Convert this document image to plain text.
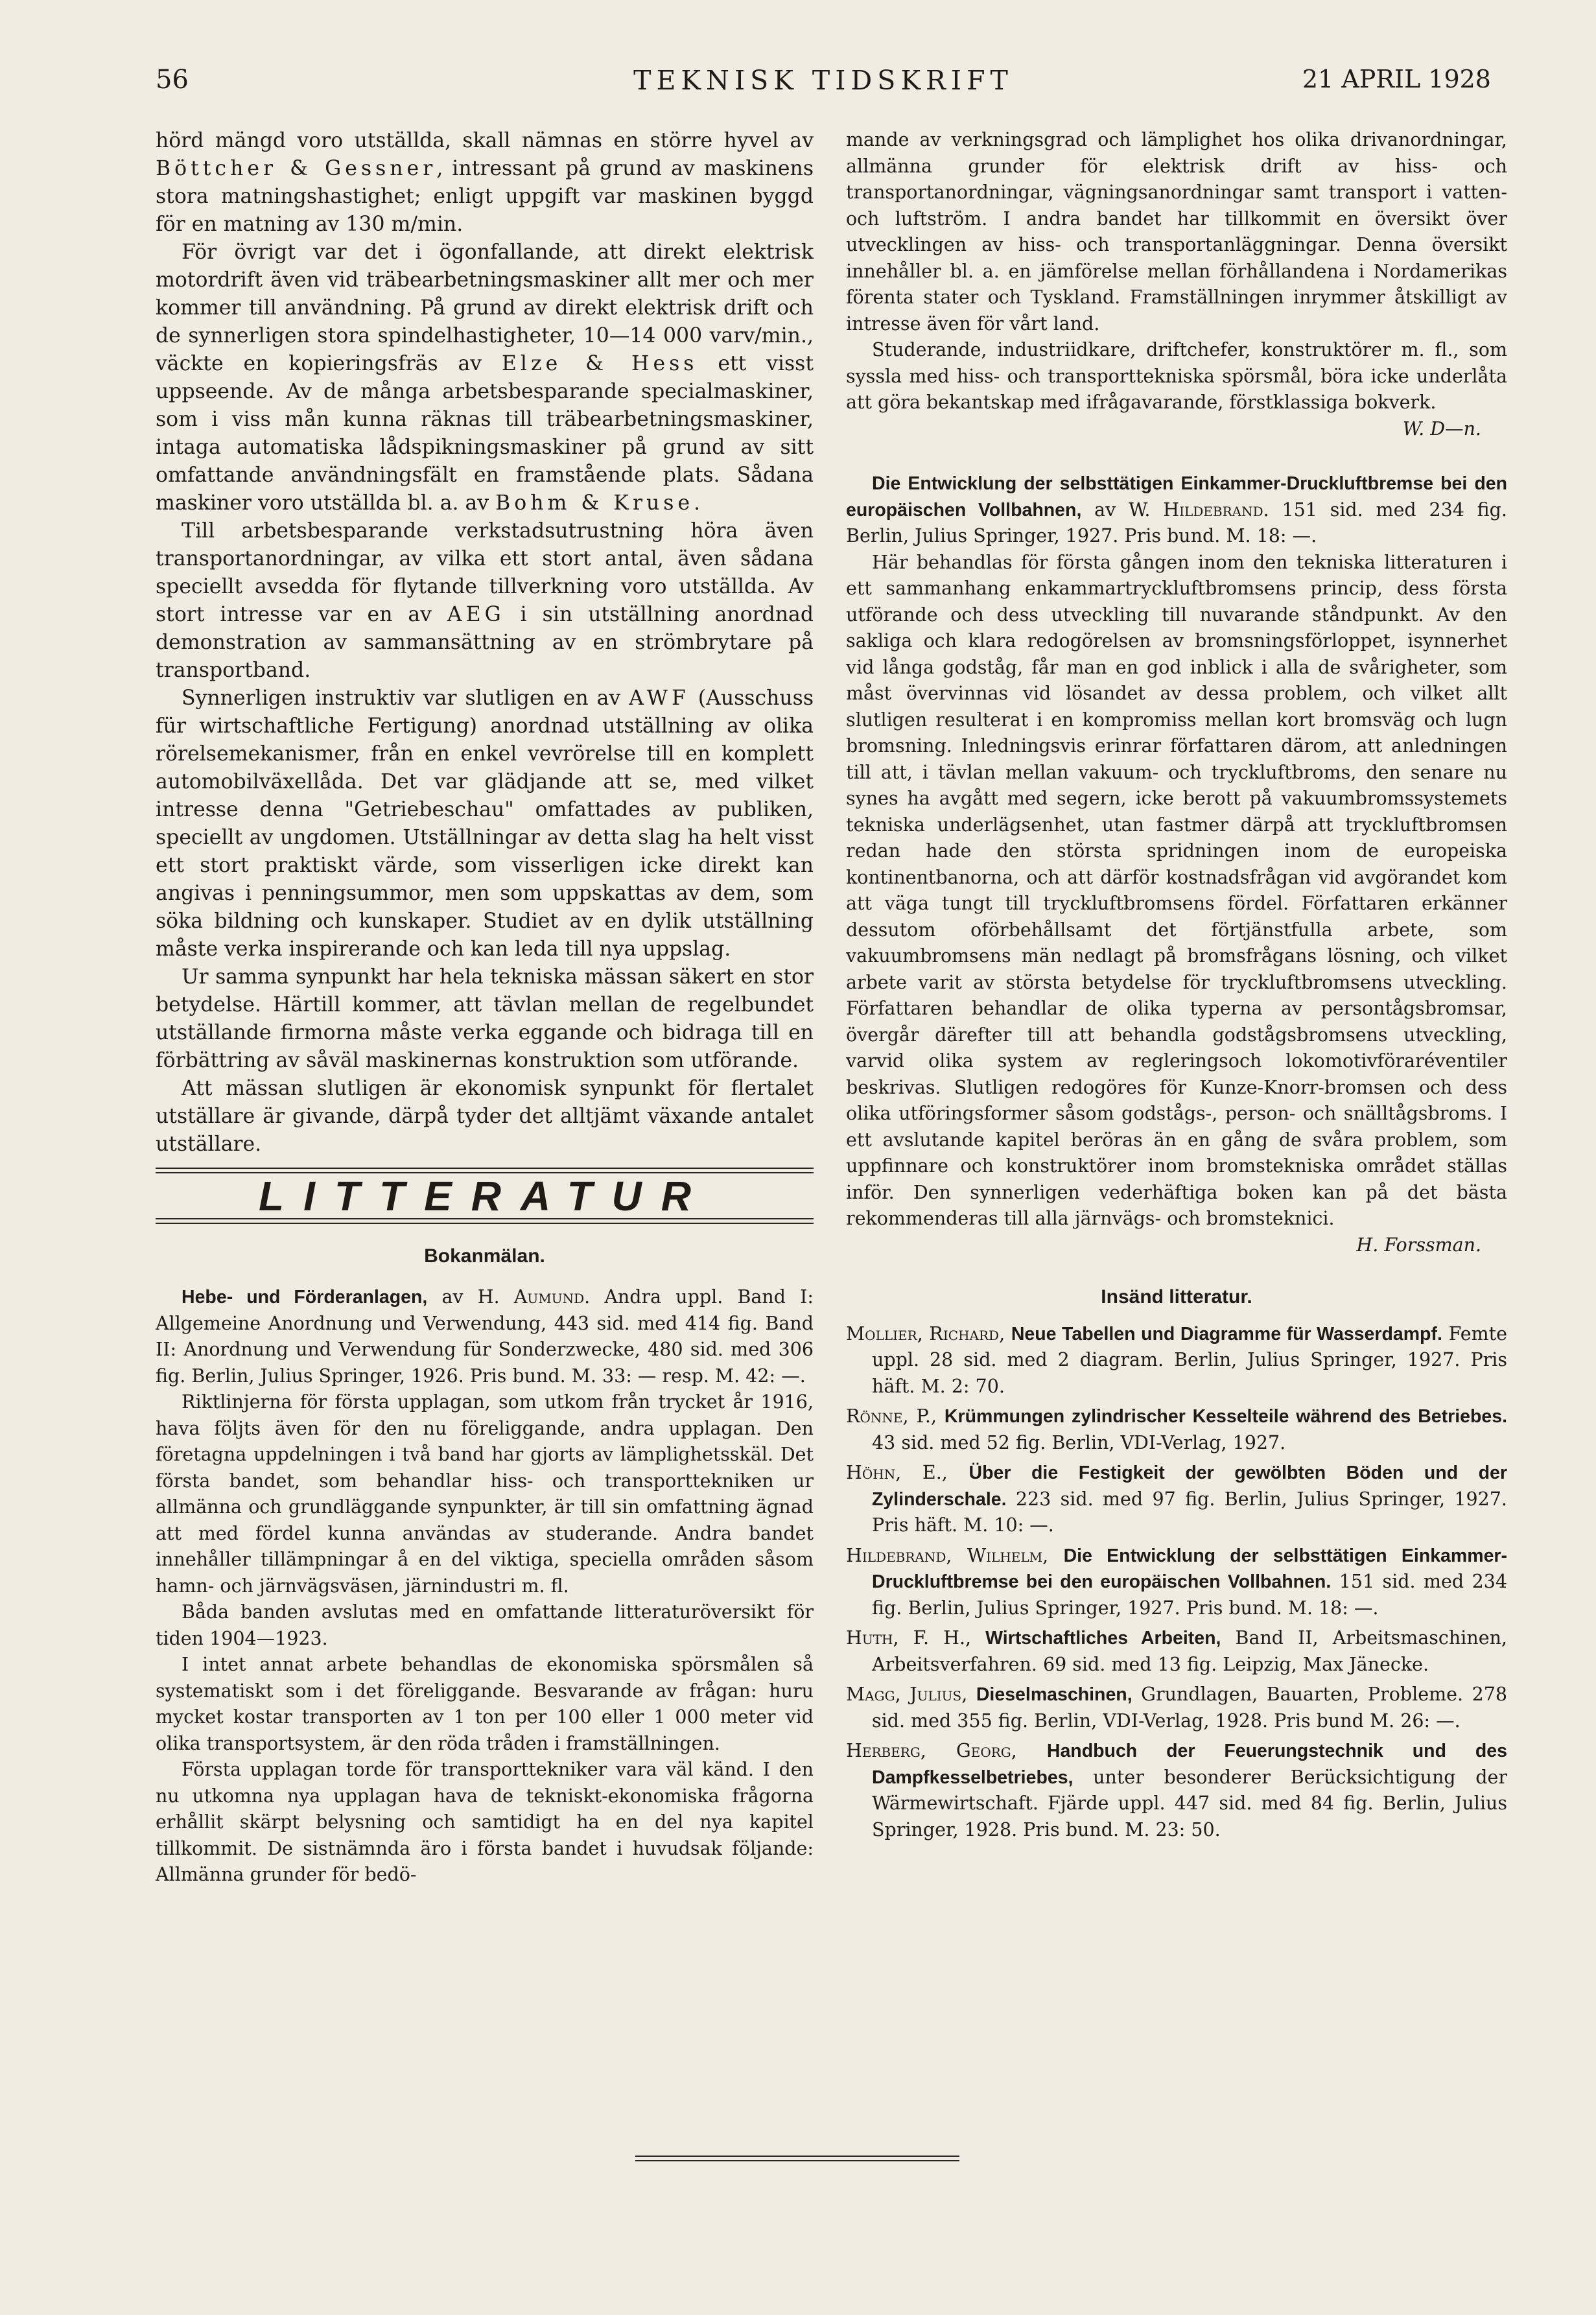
56	TEKNISK TIDSKRIFT	21 APRIL 1928

hörd mängd voro utställda, skall nämnas en större hyvel av Böttcher & Gessner, intressant på grund av maskinens stora matningshastighet; enligt uppgift var maskinen byggd för en matning av 130 m/min.

För övrigt var det i ögonfallande, att direkt elektrisk motordrift även vid träbearbetningsmaskiner allt mer och mer kommer till användning. På grund av direkt elektrisk drift och de synnerligen stora spindelhastigheter, 10—14 000 varv/min., väckte en kopieringsfräs av Elze & Hess ett visst uppseende. Av de många arbetsbesparande specialmaskiner, som i viss mån kunna räknas till träbearbetningsmaskiner, intaga automatiska lådspikningsmaskiner på grund av sitt omfattande användningsfält en framstående plats. Sådana maskiner voro utställda bl. a. av Bohm & Kruse.

Till arbetsbesparande verkstadsutrustning höra även transportanordningar, av vilka ett stort antal, även sådana speciellt avsedda för flytande tillverkning voro utställda. Av stort intresse var en av AEG i sin utställning anordnad demonstration av sammansättning av en strömbrytare på transportband.

Synnerligen instruktiv var slutligen en av AWF (Ausschuss für wirtschaftliche Fertigung) anordnad utställning av olika rörelsemekanismer, från en enkel vevrörelse till en komplett automobilväxellåda. Det var glädjande att se, med vilket intresse denna "Getriebeschau" omfattades av publiken, speciellt av ungdomen. Utställningar av detta slag ha helt visst ett stort praktiskt värde, som visserligen icke direkt kan angivas i penningsummor, men som uppskattas av dem, som söka bildning och kunskaper. Studiet av en dylik utställning måste verka inspirerande och kan leda till nya uppslag.

Ur samma synpunkt har hela tekniska mässan säkert en stor betydelse. Härtill kommer, att tävlan mellan de regelbundet utställande firmorna måste verka eggande och bidraga till en förbättring av såväl maskinernas konstruktion som utförande.

Att mässan slutligen är ekonomisk synpunkt för flertalet utställare är givande, därpå tyder det alltjämt växande antalet utställare.

LITTERATUR
Bokanmälan.

Hebe- und Förderanlagen, av H. Aumund. Andra uppl. Band I: Allgemeine Anordnung und Verwendung, 443 sid. med 414 fig. Band II: Anordnung und Verwendung für Sonderzwecke, 480 sid. med 306 fig. Berlin, Julius Springer, 1926. Pris bund. M. 33: — resp. M. 42: —.

Riktlinjerna för första upplagan, som utkom från trycket år 1916, hava följts även för den nu föreliggande, andra upplagan. Den företagna uppdelningen i två band har gjorts av lämplighetsskäl. Det första bandet, som behandlar hiss- och transporttekniken ur allmänna och grundläggande synpunkter, är till sin omfattning ägnad att med fördel kunna användas av studerande. Andra bandet innehåller tillämpningar å en del viktiga, speciella områden såsom hamn- och järnvägsväsen, järnindustri m. fl.

Båda banden avslutas med en omfattande litteraturöversikt för tiden 1904—1923.

I intet annat arbete behandlas de ekonomiska spörsmålen så systematiskt som i det föreliggande. Besvarande av frågan: huru mycket kostar transporten av 1 ton per 100 eller 1 000 meter vid olika transportsystem, är den röda tråden i framställningen.

Första upplagan torde för transporttekniker vara väl känd. I den nu utkomna nya upplagan hava de tekniskt-ekonomiska frågorna erhållit skärpt belysning och samtidigt ha en del nya kapitel tillkommit. De sistnämnda äro i första bandet i huvudsak följande: Allmänna grunder för bedö-

mande av verkningsgrad och lämplighet hos olika drivanordningar, allmänna grunder för elektrisk drift av hiss- och transportanordningar, vägningsanordningar samt transport i vatten- och luftström. I andra bandet har tillkommit en översikt över utvecklingen av hiss- och transportanläggningar. Denna översikt innehåller bl. a. en jämförelse mellan förhållandena i Nordamerikas förenta stater och Tyskland. Framställningen inrymmer åtskilligt av intresse även för vårt land.

Studerande, industriidkare, driftchefer, konstruktörer m. fl., som syssla med hiss- och transporttekniska spörsmål, böra icke underlåta att göra bekantskap med ifrågavarande, förstklassiga bokverk.

W. D—n.

Die Entwicklung der selbsttätigen Einkammer-Druckluftbremse bei den europäischen Vollbahnen, av W. Hildebrand. 151 sid. med 234 fig. Berlin, Julius Springer, 1927. Pris bund. M. 18: —.

Här behandlas för första gången inom den tekniska litteraturen i ett sammanhang enkammartryckluftbromsens princip, dess första utförande och dess utveckling till nuvarande ståndpunkt. Av den sakliga och klara redogörelsen av bromsningsförloppet, isynnerhet vid långa godståg, får man en god inblick i alla de svårigheter, som måst övervinnas vid lösandet av dessa problem, och vilket allt slutligen resulterat i en kompromiss mellan kort bromsväg och lugn bromsning. Inledningsvis erinrar författaren därom, att anledningen till att, i tävlan mellan vakuum- och tryckluftbroms, den senare nu synes ha avgått med segern, icke berott på vakuumbromssystemets tekniska underlägsenhet, utan fastmer därpå att tryckluftbromsen redan hade den största spridningen inom de europeiska kontinentbanorna, och att därför kostnadsfrågan vid avgörandet kom att väga tungt till tryckluftbromsens fördel. Författaren erkänner dessutom oförbehållsamt det förtjänstfulla arbete, som vakuumbromsens män nedlagt på bromsfrågans lösning, och vilket arbete varit av största betydelse för tryckluftbromsens utveckling. Författaren behandlar de olika typerna av persontågsbromsar, övergår därefter till att behandla godstågsbromsens utveckling, varvid olika system av regleringsoch lokomotivföraréventiler beskrivas. Slutligen redogöres för Kunze-Knorr-bromsen och dess olika utföringsformer såsom godstågs-, person- och snälltågsbroms. I ett avslutande kapitel beröras än en gång de svåra problem, som uppfinnare och konstruktörer inom bromstekniska området ställas inför. Den synnerligen vederhäftiga boken kan på det bästa rekommenderas till alla järnvägs- och bromsteknici.

H. Forssman.
Insänd litteratur.

Mollier, Richard, Neue Tabellen und Diagramme für Wasserdampf. Femte uppl. 28 sid. med 2 diagram. Berlin, Julius Springer, 1927. Pris häft. M. 2: 70.

Rönne, P., Krümmungen zylindrischer Kesselteile während des Betriebes. 43 sid. med 52 fig. Berlin, VDI-Verlag, 1927.

Höhn, E., Über die Festigkeit der gewölbten Böden und der Zylinderschale. 223 sid. med 97 fig. Berlin, Julius Springer, 1927. Pris häft. M. 10: —.

Hildebrand, Wilhelm, Die Entwicklung der selbsttätigen Einkammer-Druckluftbremse bei den europäischen Vollbahnen. 151 sid. med 234 fig. Berlin, Julius Springer, 1927. Pris bund. M. 18: —.

Huth, F. H., Wirtschaftliches Arbeiten, Band II, Arbeitsmaschinen, Arbeitsverfahren. 69 sid. med 13 fig. Leipzig, Max Jänecke.

Magg, Julius, Dieselmaschinen, Grundlagen, Bauarten, Probleme. 278 sid. med 355 fig. Berlin, VDI-Verlag, 1928. Pris bund M. 26: —.

Herberg, Georg, Handbuch der Feuerungstechnik und des Dampfkesselbetriebes, unter besonderer Berücksichtigung der Wärmewirtschaft. Fjärde uppl. 447 sid. med 84 fig. Berlin, Julius Springer, 1928. Pris bund. M. 23: 50.
